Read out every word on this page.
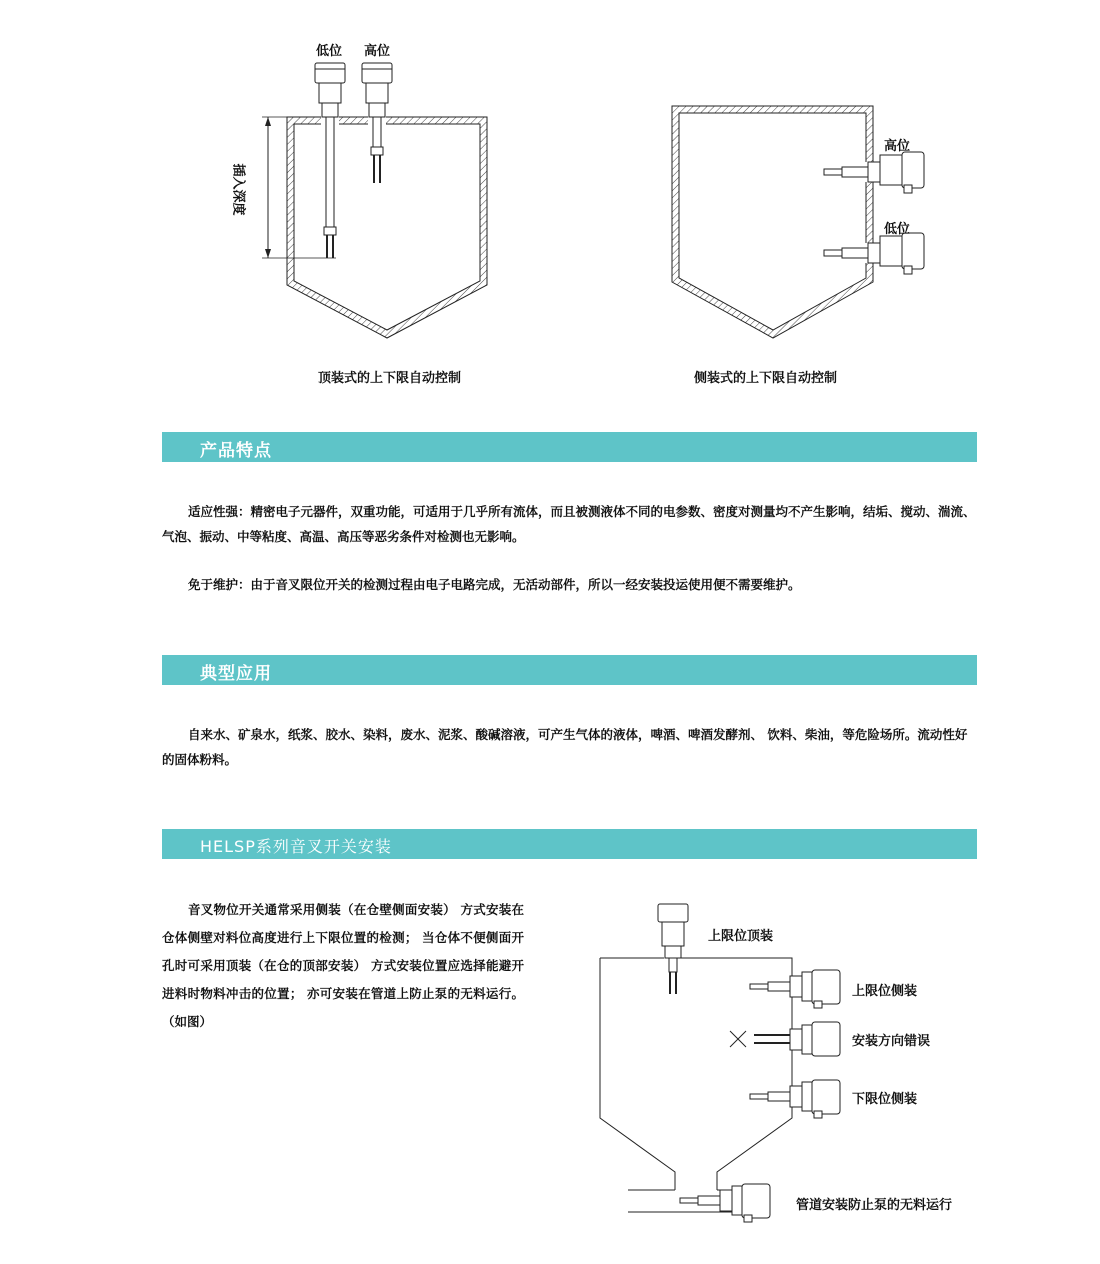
低位 高位
插入深度
顶装式的上下限自动控制
高位
低位
侧装式的上下限自动控制
产品特点

适应性强：精密电子元器件，双重功能，可适用于几乎所有流体，而且被测液体不同的电参数、密度对测量均不产生影响，结垢、搅动、湍流、气泡、振动、中等粘度、高温、高压等恶劣条件对检测也无影响。

免于维护：由于音叉限位开关的检测过程由电子电路完成，无活动部件，所以一经安装投运使用便不需要维护。

典型应用

自来水、矿泉水，纸浆、胶水、染料，废水、泥浆、酸碱溶液，可产生气体的液体，啤酒、啤酒发酵剂、 饮料、柴油，等危险场所。流动性好的固体粉料。

HELSP系列音叉开关安装

音叉物位开关通常采用侧装（在仓壁侧面安装） 方式安装在仓体侧壁对料位高度进行上下限位置的检测； 当仓体不便侧面开孔时可采用顶装（在仓的顶部安装） 方式安装位置应选择能避开进料时物料冲击的位置； 亦可安装在管道上防止泵的无料运行。（如图）

上限位顶装
上限位侧装
安装方向错误
下限位侧装
管道安装防止泵的无料运行
